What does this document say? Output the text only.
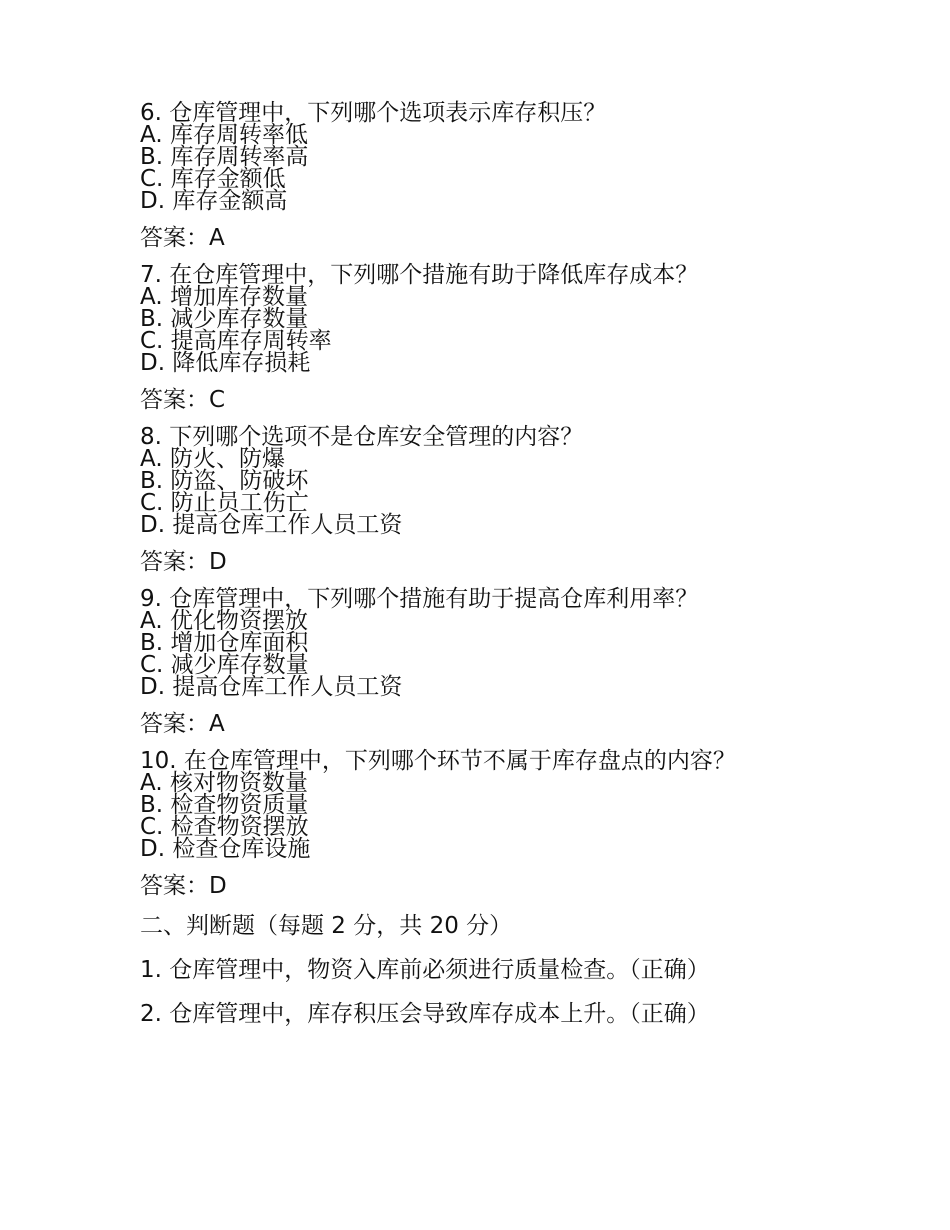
6. 仓库管理中，下列哪个选项表示库存积压？

A. 库存周转率低

B. 库存周转率高

C. 库存金额低

D. 库存金额高

答案：A

7. 在仓库管理中，下列哪个措施有助于降低库存成本？

A. 增加库存数量

B. 减少库存数量

C. 提高库存周转率

D. 降低库存损耗

答案：C

8. 下列哪个选项不是仓库安全管理的内容？

A. 防火、防爆

B. 防盗、防破坏

C. 防止员工伤亡

D. 提高仓库工作人员工资

答案：D

9. 仓库管理中，下列哪个措施有助于提高仓库利用率？

A. 优化物资摆放

B. 增加仓库面积

C. 减少库存数量

D. 提高仓库工作人员工资

答案：A

10. 在仓库管理中，下列哪个环节不属于库存盘点的内容？

A. 核对物资数量

B. 检查物资质量

C. 检查物资摆放

D. 检查仓库设施

答案：D

二、判断题（每题 2 分，共 20 分）

1. 仓库管理中，物资入库前必须进行质量检查。（正确）

2. 仓库管理中，库存积压会导致库存成本上升。（正确）
